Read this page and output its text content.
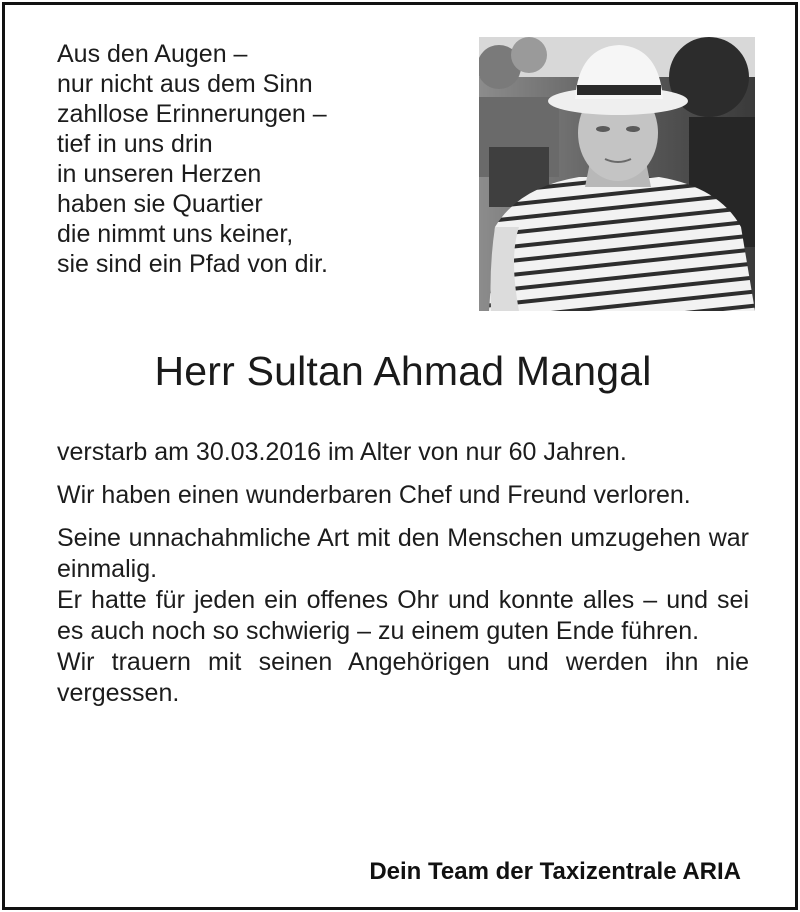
Aus den Augen –
nur nicht aus dem Sinn
zahllose Erinnerungen –
tief in uns drin
in unseren Herzen
haben sie Quartier
die nimmt uns keiner,
sie sind ein Pfad von dir.
Herr Sultan Ahmad Mangal
verstarb am 30.03.2016 im Alter von nur 60 Jahren.
Wir haben einen wunderbaren Chef und Freund verloren.
Seine unnachahmliche Art mit den Menschen umzugehen war einmalig.
Er hatte für jeden ein offenes Ohr und konnte alles – und sei es auch noch so schwierig – zu einem guten Ende führen.
Wir trauern mit seinen Angehörigen und werden ihn nie vergessen.
Dein Team der Taxizentrale ARIA
